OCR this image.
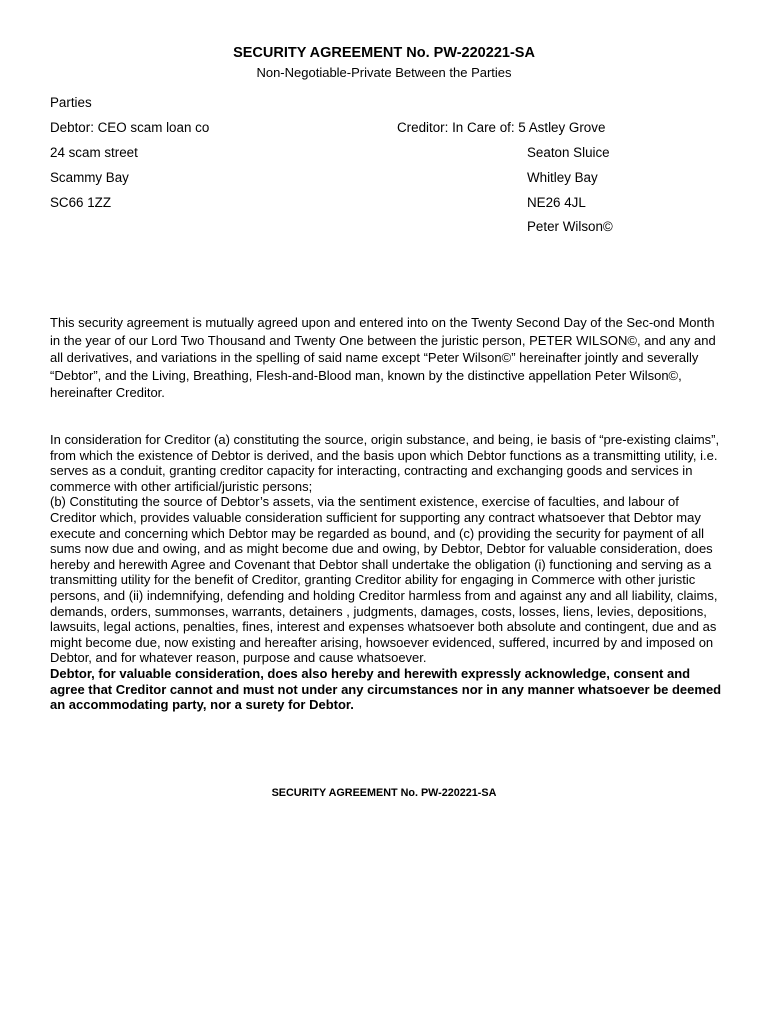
SECURITY AGREEMENT No. PW-220221-SA
Non-Negotiable-Private Between the Parties
Parties
Debtor: CEO scam loan co
24 scam street
Scammy Bay
SC66 1ZZ
Creditor: In Care of: 5 Astley Grove
Seaton Sluice
Whitley Bay
NE26 4JL
Peter Wilson©

This security agreement is mutually agreed upon and entered into on the Twenty Second Day of the Sec-ond Month in the year of our Lord Two Thousand and Twenty One between the juristic person, PETER WILSON©, and any and all derivatives, and variations in the spelling of said name except “Peter Wilson©” hereinafter jointly and severally “Debtor”, and the Living, Breathing, Flesh-and-Blood man, known by the distinctive appellation Peter Wilson©, hereinafter Creditor.

In consideration for Creditor (a) constituting the source, origin substance, and being, ie basis of “pre-existing claims”, from which the existence of Debtor is derived, and the basis upon which Debtor functions as a transmitting utility, i.e. serves as a conduit, granting creditor capacity for interacting, contracting and exchanging goods and services in commerce with other artificial/juristic persons;

(b) Constituting the source of Debtor’s assets, via the sentiment existence, exercise of faculties, and labour of Creditor which, provides valuable consideration sufficient for supporting any contract whatsoever that Debtor may execute and concerning which Debtor may be regarded as bound, and (c) providing the security for payment of all sums now due and owing, and as might become due and owing, by Debtor, Debtor for valuable consideration, does hereby and herewith Agree and Covenant that Debtor shall undertake the obligation (i) functioning and serving as a transmitting utility for the benefit of Creditor, granting Creditor ability for engaging in Commerce with other juristic persons, and (ii) indemnifying, defending and holding Creditor harmless from and against any and all liability, claims, demands, orders, summonses, warrants, detainers , judgments, damages, costs, losses, liens, levies, depositions, lawsuits, legal actions, penalties, fines, interest and expenses whatsoever both absolute and contingent, due and as might become due, now existing and hereafter arising, howsoever evidenced, suffered, incurred by and imposed on Debtor, and for whatever reason, purpose and cause whatsoever.

Debtor, for valuable consideration, does also hereby and herewith expressly acknowledge, consent and agree that Creditor cannot and must not under any circumstances nor in any manner whatsoever be deemed an accommodating party, nor a surety for Debtor.

SECURITY AGREEMENT No. PW-220221-SA
